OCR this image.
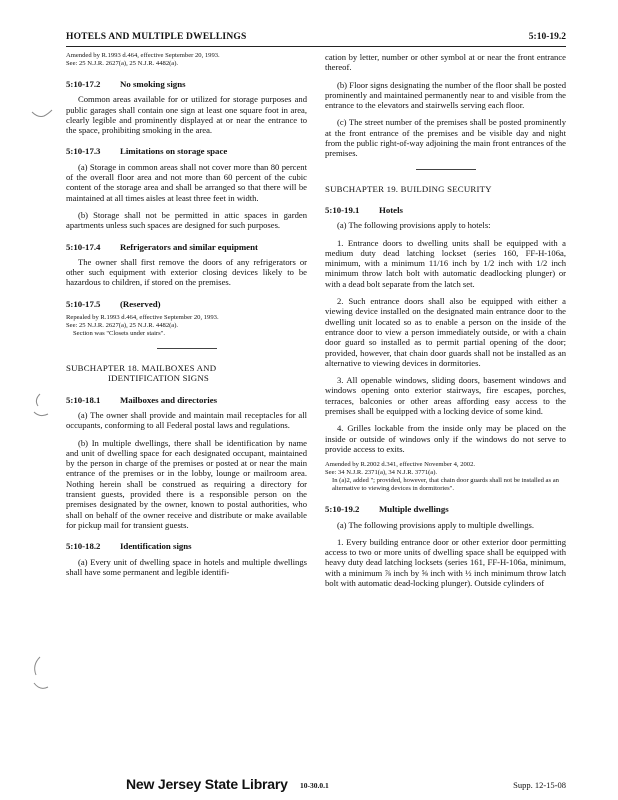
HOTELS AND MULTIPLE DWELLINGS	5:10-19.2

Amended by R.1993 d.464, effective September 20, 1993.

See: 25 N.J.R. 2627(a), 25 N.J.R. 4482(a).

5:10-17.2 No smoking signs

Common areas available for or utilized for storage purposes and public garages shall contain one sign at least one square foot in area, clearly legible and prominently displayed at or near the entrance to the space, prohibiting smoking in the area.

5:10-17.3 Limitations on storage space

(a) Storage in common areas shall not cover more than 80 percent of the overall floor area and not more than 60 percent of the cubic content of the storage area and shall be arranged so that there will be maintained at all times aisles at least three feet in width.

(b) Storage shall not be permitted in attic spaces in garden apartments unless such spaces are designed for such purposes.

5:10-17.4 Refrigerators and similar equipment

The owner shall first remove the doors of any refrigerators or other such equipment with exterior closing devices likely to be hazardous to children, if stored on the premises.

5:10-17.5 (Reserved)

Repealed by R.1993 d.464, effective September 20, 1993.

See: 25 N.J.R. 2627(a), 25 N.J.R. 4482(a).

Section was "Closets under stairs".

SUBCHAPTER 18. MAILBOXES AND
IDENTIFICATION SIGNS
5:10-18.1 Mailboxes and directories

(a) The owner shall provide and maintain mail receptacles for all occupants, conforming to all Federal postal laws and regulations.

(b) In multiple dwellings, there shall be identification by name and unit of dwelling space for each designated occupant, maintained by the person in charge of the premises or posted at or near the main entrance of the premises or in the lobby, lounge or mailroom area. Nothing herein shall be construed as requiring a directory for transient guests, provided there is a responsible person on the premises designated by the owner, known to postal authorities, who shall on behalf of the owner receive and distribute or make available for pickup mail for transient guests.

5:10-18.2 Identification signs

(a) Every unit of dwelling space in hotels and multiple dwellings shall have some permanent and legible identifi-

cation by letter, number or other symbol at or near the front entrance thereof.

(b) Floor signs designating the number of the floor shall be posted prominently and maintained permanently near to and visible from the entrance to the elevators and stairwells serving each floor.

(c) The street number of the premises shall be posted prominently at the front entrance of the premises and be visible day and night from the public right-of-way adjoining the main front entrances of the premises.

SUBCHAPTER 19. BUILDING SECURITY
5:10-19.1 Hotels

(a) The following provisions apply to hotels:

1. Entrance doors to dwelling units shall be equipped with a medium duty dead latching lockset (series 160, FF-H-106a, minimum, with a minimum 11/16 inch by 1/2 inch with 1/2 inch minimum throw latch bolt with automatic deadlocking plunger) or with a dead bolt separate from the latch set.

2. Such entrance doors shall also be equipped with either a viewing device installed on the designated main entrance door to the dwelling unit located so as to enable a person on the inside of the entrance door to view a person immediately outside, or with a chain door guard so installed as to permit partial opening of the door; provided, however, that chain door guards shall not be installed as an alternative to viewing devices in dormitories.

3. All openable windows, sliding doors, basement windows and windows opening onto exterior stairways, fire escapes, porches, terraces, balconies or other areas affording easy access to the premises shall be equipped with a locking device of some kind.

4. Grilles lockable from the inside only may be placed on the inside or outside of windows only if the windows do not serve to provide access to exits.

Amended by R.2002 d.341, effective November 4, 2002.

See: 34 N.J.R. 2371(a), 34 N.J.R. 3771(a).

In (a)2, added "; provided, however, that chain door guards shall not be installed as an alternative to viewing devices in dormitories".

5:10-19.2 Multiple dwellings

(a) The following provisions apply to multiple dwellings.

1. Every building entrance door or other exterior door permitting access to two or more units of dwelling space shall be equipped with heavy duty dead latching locksets (series 161, FF-H-106a, minimum, with a minimum ⅞ inch by ⅝ inch with ½ inch minimum throw latch bolt with automatic dead-locking plunger). Outside cylinders of

New Jersey State Library 10-30.0.1	Supp. 12-15-08
